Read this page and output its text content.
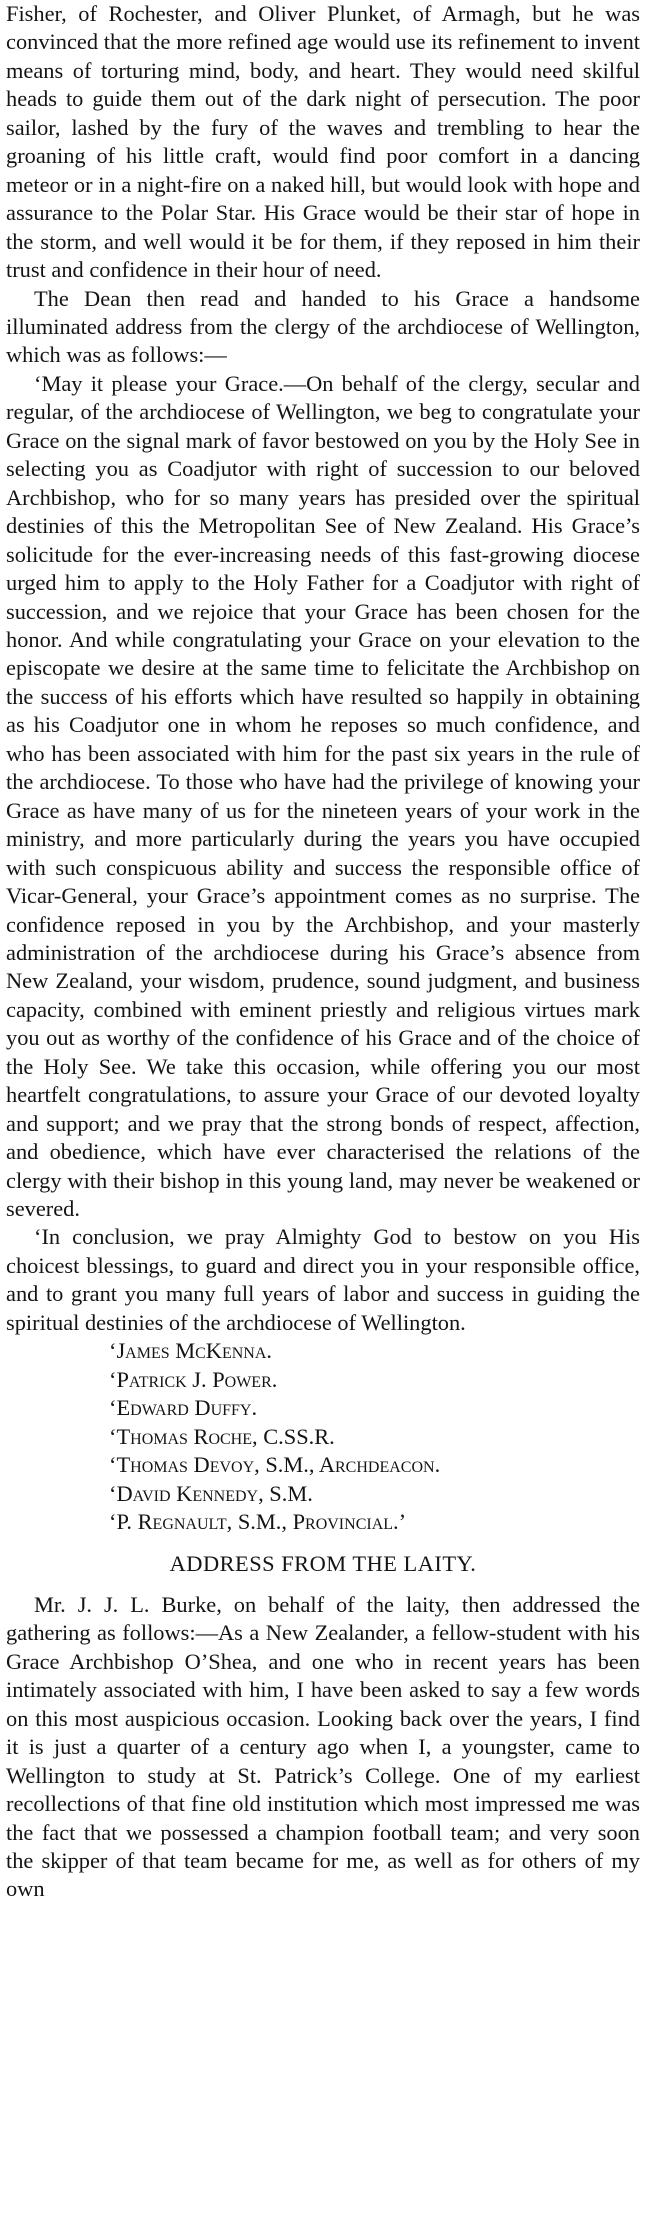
Fisher, of Rochester, and Oliver Plunket, of Armagh, but he was convinced that the more refined age would use its refinement to invent means of torturing mind, body, and heart. They would need skilful heads to guide them out of the dark night of persecution. The poor sailor, lashed by the fury of the waves and trembling to hear the groaning of his little craft, would find poor comfort in a dancing meteor or in a night-fire on a naked hill, but would look with hope and assurance to the Polar Star. His Grace would be their star of hope in the storm, and well would it be for them, if they reposed in him their trust and confidence in their hour of need.

The Dean then read and handed to his Grace a handsome illuminated address from the clergy of the archdiocese of Wellington, which was as follows:—

‘May it please your Grace.—On behalf of the clergy, secular and regular, of the archdiocese of Wellington, we beg to congratulate your Grace on the signal mark of favor bestowed on you by the Holy See in selecting you as Coadjutor with right of succession to our beloved Archbishop, who for so many years has presided over the spiritual destinies of this the Metropolitan See of New Zealand. His Grace’s solicitude for the ever-increasing needs of this fast-growing diocese urged him to apply to the Holy Father for a Coadjutor with right of succession, and we rejoice that your Grace has been chosen for the honor. And while congratulating your Grace on your elevation to the episcopate we desire at the same time to felicitate the Archbishop on the success of his efforts which have resulted so happily in obtaining as his Coadjutor one in whom he reposes so much confidence, and who has been associated with him for the past six years in the rule of the archdiocese. To those who have had the privilege of knowing your Grace as have many of us for the nineteen years of your work in the ministry, and more particularly during the years you have occupied with such conspicuous ability and success the responsible office of Vicar-General, your Grace’s appointment comes as no surprise. The confidence reposed in you by the Archbishop, and your masterly administration of the archdiocese during his Grace’s absence from New Zealand, your wisdom, prudence, sound judgment, and business capacity, combined with eminent priestly and religious virtues mark you out as worthy of the confidence of his Grace and of the choice of the Holy See. We take this occasion, while offering you our most heartfelt congratulations, to assure your Grace of our devoted loyalty and support; and we pray that the strong bonds of respect, affection, and obedience, which have ever characterised the relations of the clergy with their bishop in this young land, may never be weakened or severed.

‘In conclusion, we pray Almighty God to bestow on you His choicest blessings, to guard and direct you in your responsible office, and to grant you many full years of labor and success in guiding the spiritual destinies of the archdiocese of Wellington.

‘James McKenna.
‘Patrick J. Power.
‘Edward Duffy.
‘Thomas Roche, C.SS.R.
‘Thomas Devoy, S.M., Archdeacon.
‘David Kennedy, S.M.
‘P. Regnault, S.M., Provincial.’
ADDRESS FROM THE LAITY.

Mr. J. J. L. Burke, on behalf of the laity, then addressed the gathering as follows:—As a New Zealander, a fellow-student with his Grace Archbishop O’Shea, and one who in recent years has been intimately associated with him, I have been asked to say a few words on this most auspicious occasion. Looking back over the years, I find it is just a quarter of a century ago when I, a youngster, came to Wellington to study at St. Patrick’s College. One of my earliest recollections of that fine old institution which most impressed me was the fact that we possessed a champion football team; and very soon the skipper of that team became for me, as well as for others of my own
